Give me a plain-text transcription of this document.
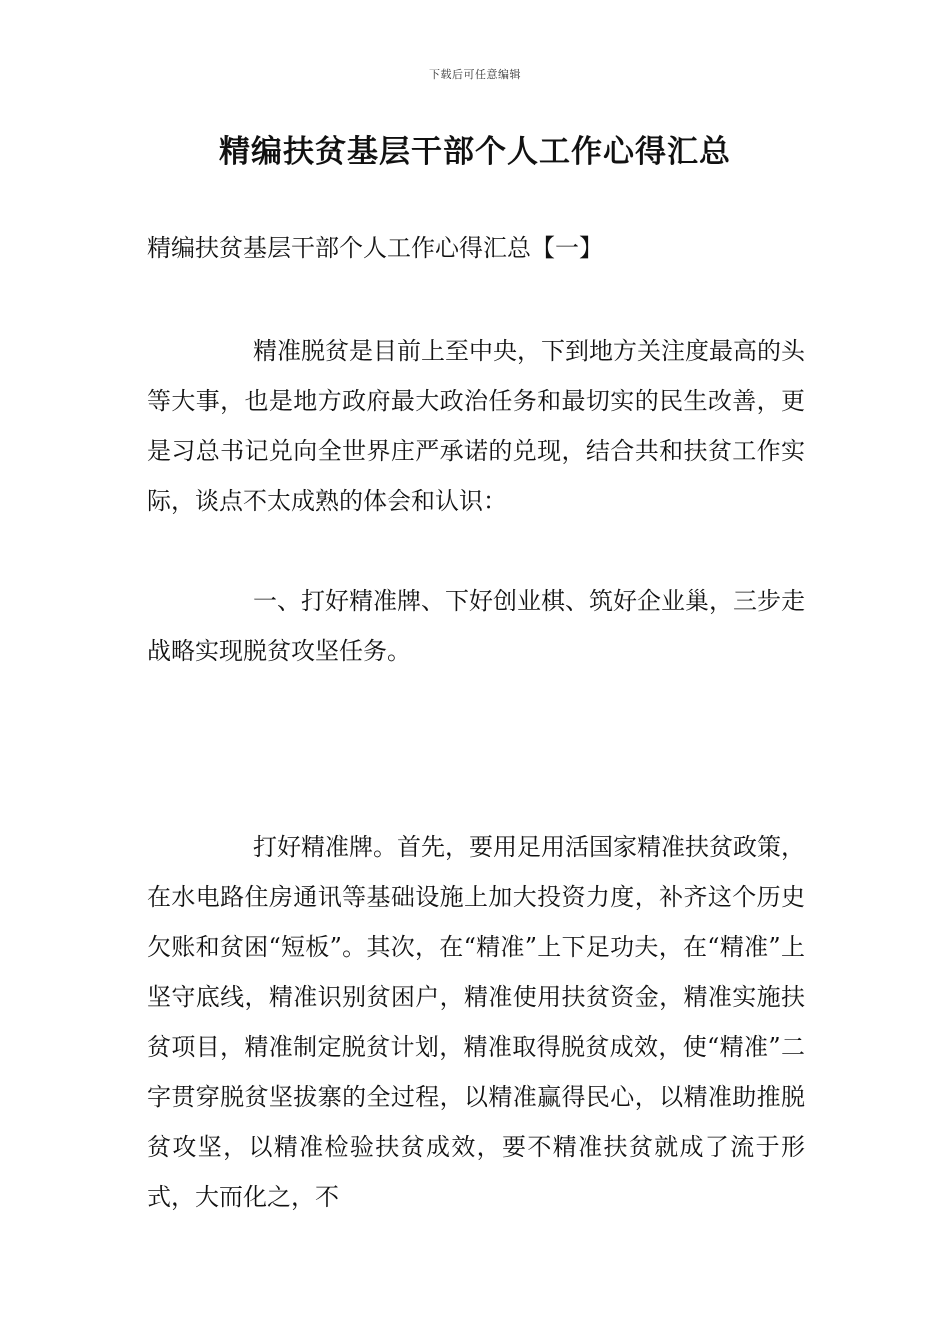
下载后可任意编辑
精编扶贫基层干部个人工作心得汇总
精编扶贫基层干部个人工作心得汇总【一】

精准脱贫是目前上至中央，下到地方关注度最高的头等大事，也是地方政府最大政治任务和最切实的民生改善，更是习总书记兑向全世界庄严承诺的兑现，结合共和扶贫工作实际，谈点不太成熟的体会和认识：

一、打好精准牌、下好创业棋、筑好企业巢，三步走战略实现脱贫攻坚任务。

打好精准牌。首先，要用足用活国家精准扶贫政策，在水电路住房通讯等基础设施上加大投资力度，补齐这个历史欠账和贫困“短板”。其次，在“精准”上下足功夫，在“精准”上坚守底线，精准识别贫困户，精准使用扶贫资金，精准实施扶贫项目，精准制定脱贫计划，精准取得脱贫成效，使“精准”二字贯穿脱贫坚拔寨的全过程，以精准赢得民心，以精准助推脱贫攻坚，以精准检验扶贫成效，要不精准扶贫就成了流于形式，大而化之，不
